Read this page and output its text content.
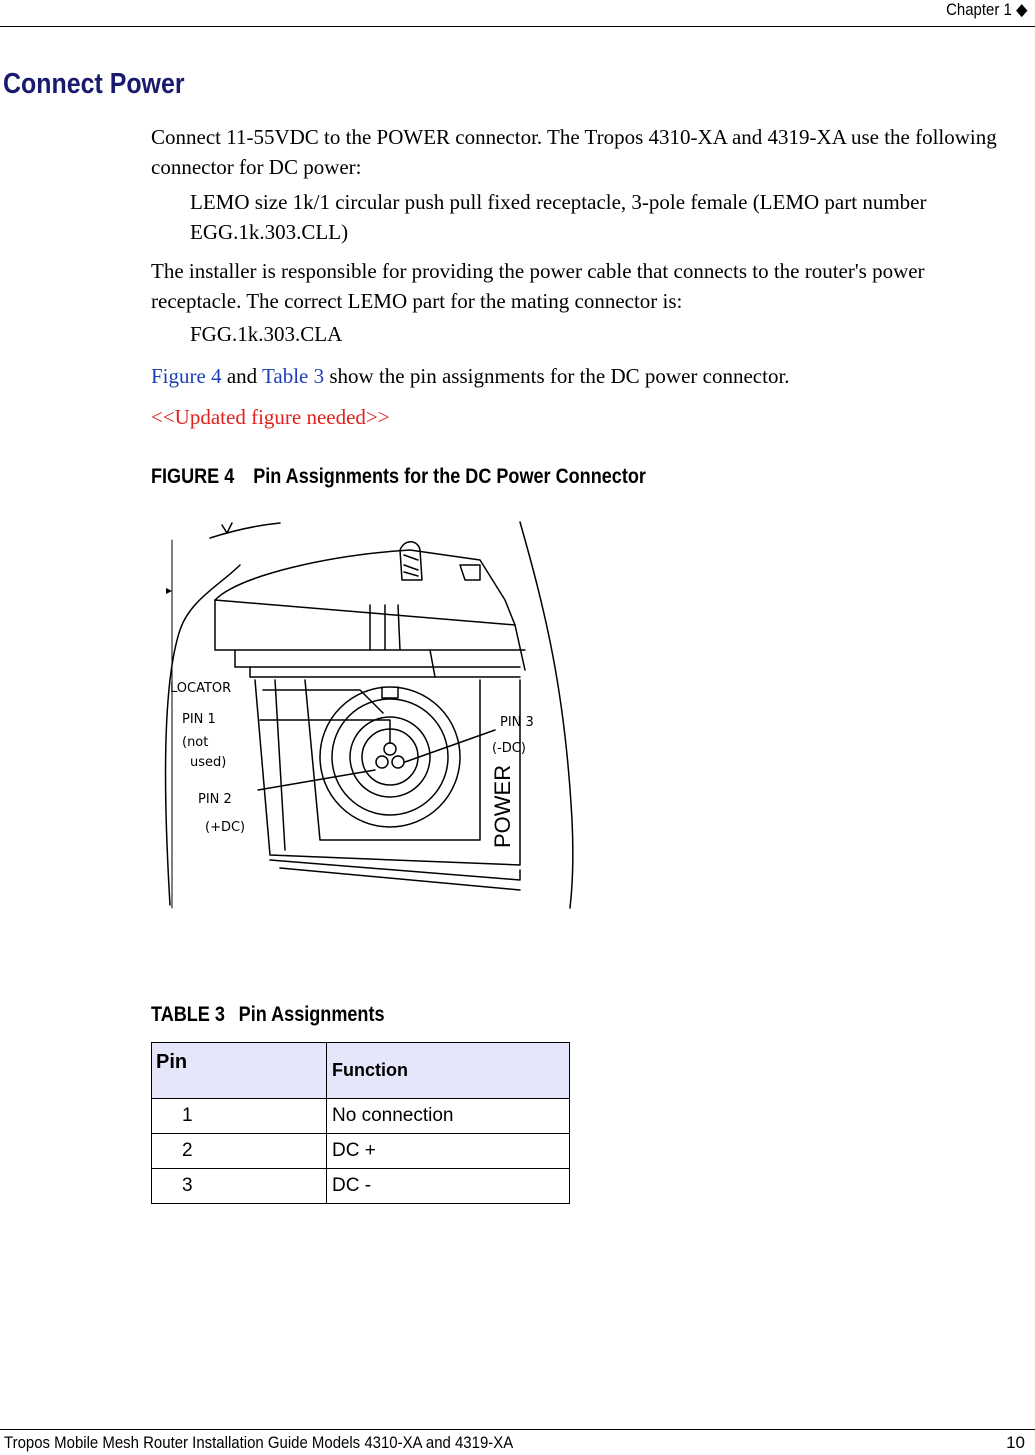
Chapter 1 ◆
Connect Power
Connect 11-55VDC to the POWER connector. The Tropos 4310-XA and 4319-XA use the following connector for DC power:
LEMO size 1k/1 circular push pull fixed receptacle, 3-pole female (LEMO part number EGG.1k.303.CLL)
The installer is responsible for providing the power cable that connects to the router's power receptacle. The correct LEMO part for the mating connector is:
FGG.1k.303.CLA
Figure 4 and Table 3 show the pin assignments for the DC power connector.
<<Updated figure needed>>
FIGURE 4 Pin Assignments for the DC Power Connector
LOCATOR
PIN 1
(not
used)
PIN 2
(+DC)
PIN 3
(-DC)
POWER
TABLE 3 Pin Assignments
Pin	Function
1	No connection
2	DC +
3	DC -
Tropos Mobile Mesh Router Installation Guide Models 4310-XA and 4319-XA	10
